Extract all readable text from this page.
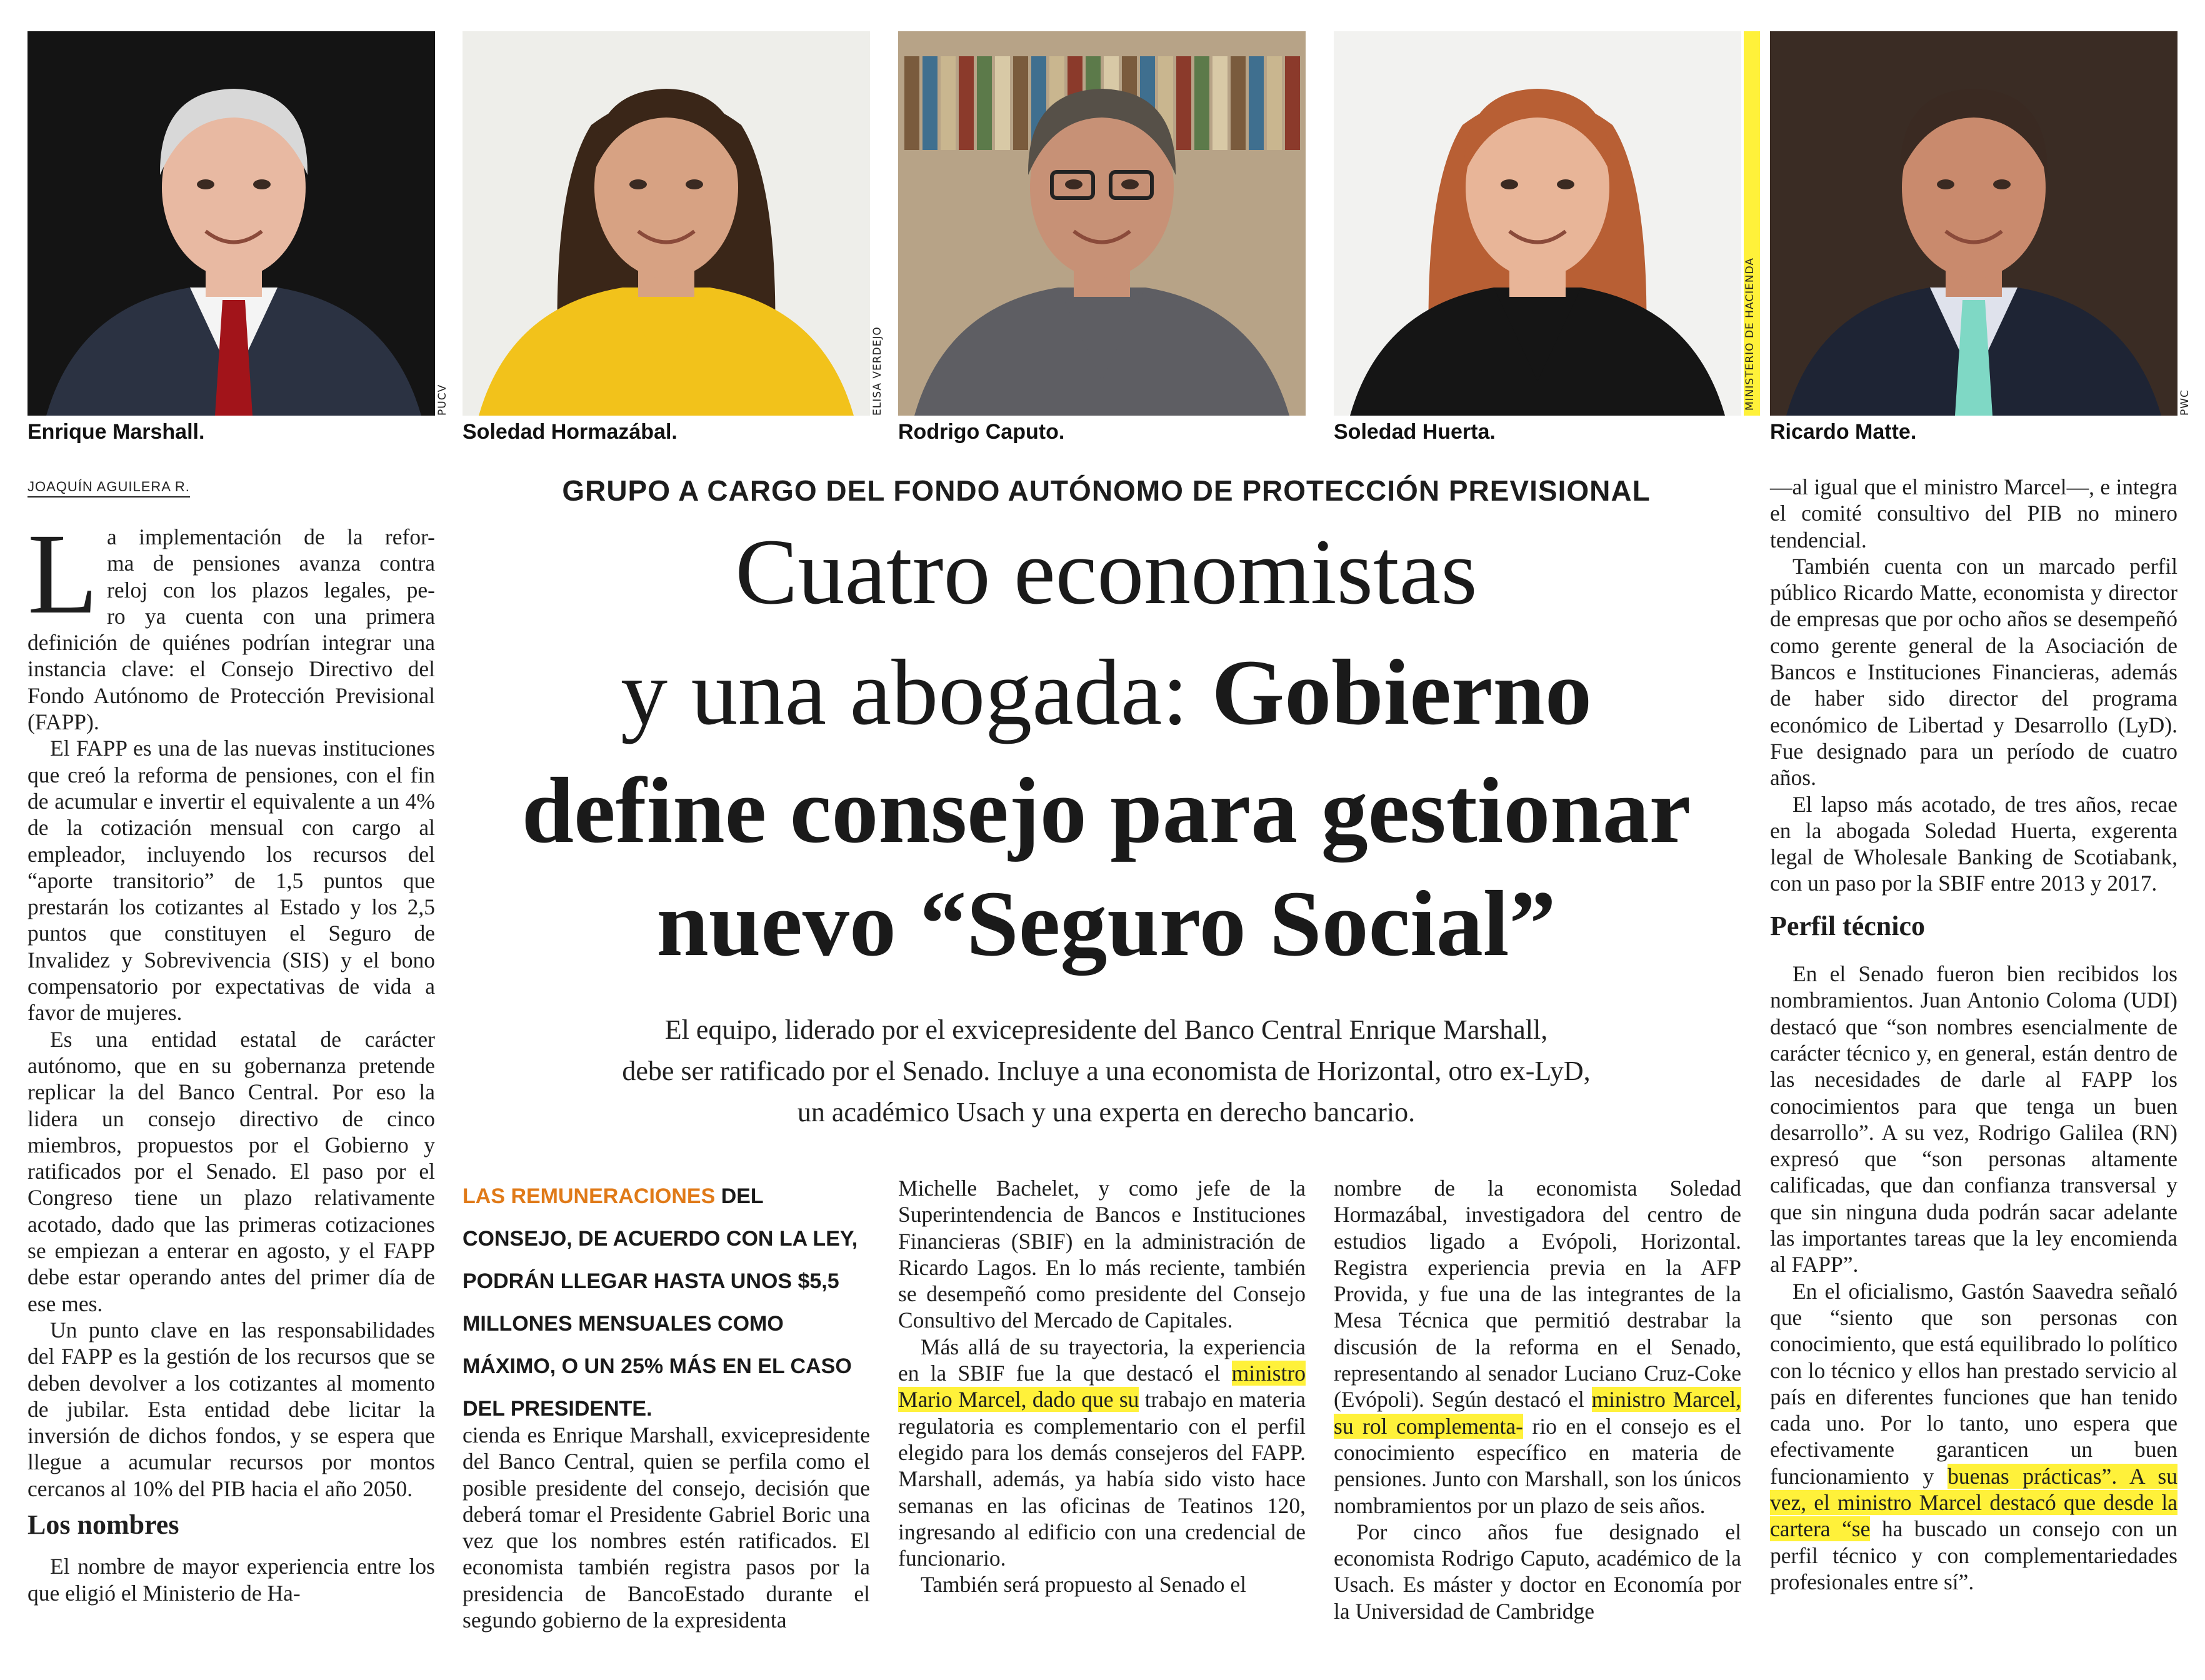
PUCV
Enrique Marshall.
ELISA VERDEJO
Soledad Hormazábal.	Rodrigo Caputo.
MINISTERIO DE HACIENDA
Soledad Huerta.
PWC
Ricardo Matte.
JOAQUÍN AGUILERA R.	GRUPO A CARGO DEL FONDO AUTÓNOMO DE PROTECCIÓN PREVISIONAL
Cuatro economistas
y una abogada: Gobierno
define consejo para gestionar
nuevo “Seguro Social”
El equipo, liderado por el exvicepresidente del Banco Central Enrique Marshall,
debe ser ratificado por el Senado. Incluye a una economista de Horizontal, otro ex-LyD,
un académico Usach y una experta en derecho bancario.
LAS REMUNERACIONES DEL CONSEJO, DE ACUERDO CON LA LEY, PODRÁN LLEGAR HASTA UNOS $5,5 MILLONES MENSUALES COMO MÁXIMO, O UN 25% MÁS EN EL CASO DEL PRESIDENTE.
L a implementación de la refor-
ma de pensiones avanza contra
reloj con los plazos legales, pe-
ro ya cuenta con una primera

definición de quiénes podrían integrar una instancia clave: el Consejo Directivo del Fondo Autónomo de Protección Previsional (FAPP).

El FAPP es una de las nuevas instituciones que creó la reforma de pensiones, con el fin de acumular e invertir el equivalente a un 4% de la cotización mensual con cargo al empleador, incluyendo los recursos del “aporte transitorio” de 1,5 puntos que prestarán los cotizantes al Estado y los 2,5 puntos que constituyen el Seguro de Invalidez y Sobrevivencia (SIS) y el bono compensatorio por expectativas de vida a favor de mujeres.

Es una entidad estatal de carácter autónomo, que en su gobernanza pretende replicar la del Banco Central. Por eso la lidera un consejo directivo de cinco miembros, propuestos por el Gobierno y ratificados por el Senado. El paso por el Congreso tiene un plazo relativamente acotado, dado que las primeras cotizaciones se empiezan a enterar en agosto, y el FAPP debe estar operando antes del primer día de ese mes.

Un punto clave en las responsabilidades del FAPP es la gestión de los recursos que se deben devolver a los cotizantes al momento de jubilar. Esta entidad debe licitar la inversión de dichos fondos, y se espera que llegue a acumular recursos por montos cercanos al 10% del PIB hacia el año 2050.

Los nombres

El nombre de mayor experiencia entre los que eligió el Ministerio de Ha-

cienda es Enrique Marshall, exvicepresidente del Banco Central, quien se perfila como el posible presidente del consejo, decisión que deberá tomar el Presidente Gabriel Boric una vez que los nombres estén ratificados. El economista también registra pasos por la presidencia de BancoEstado durante el segundo gobierno de la expresidenta

Michelle Bachelet, y como jefe de la Superintendencia de Bancos e Instituciones Financieras (SBIF) en la administración de Ricardo Lagos. En lo más reciente, también se desempeñó como presidente del Consejo Consultivo del Mercado de Capitales.

Más allá de su trayectoria, la experiencia en la SBIF fue la que destacó el ministro Mario Marcel, dado que su trabajo en materia regulatoria es complementario con el perfil elegido para los demás consejeros del FAPP. Marshall, además, ya había sido visto hace semanas en las oficinas de Teatinos 120, ingresando al edificio con una credencial de funcionario.

También será propuesto al Senado el

nombre de la economista Soledad Hormazábal, investigadora del centro de estudios ligado a Evópoli, Horizontal. Registra experiencia previa en la AFP Provida, y fue una de las integrantes de la Mesa Técnica que permitió destrabar la discusión de la reforma en el Senado, representando al senador Luciano Cruz-Coke (Evópoli). Según destacó el ministro Marcel, su rol complementa- rio en el consejo es el conocimiento específico en materia de pensiones. Junto con Marshall, son los únicos nombramientos por un plazo de seis años.

Por cinco años fue designado el economista Rodrigo Caputo, académico de la Usach. Es máster y doctor en Economía por la Universidad de Cambridge

—al igual que el ministro Marcel—, e integra el comité consultivo del PIB no minero tendencial.

También cuenta con un marcado perfil público Ricardo Matte, economista y director de empresas que por ocho años se desempeñó como gerente general de la Asociación de Bancos e Instituciones Financieras, además de haber sido director del programa económico de Libertad y Desarrollo (LyD). Fue designado para un período de cuatro años.

El lapso más acotado, de tres años, recae en la abogada Soledad Huerta, exgerenta legal de Wholesale Banking de Scotiabank, con un paso por la SBIF entre 2013 y 2017.

Perfil técnico

En el Senado fueron bien recibidos los nombramientos. Juan Antonio Coloma (UDI) destacó que “son nombres esencialmente de carácter técnico y, en general, están dentro de las necesidades de darle al FAPP los conocimientos para que tenga un buen desarrollo”. A su vez, Rodrigo Galilea (RN) expresó que “son personas altamente calificadas, que dan confianza transversal y que sin ninguna duda podrán sacar adelante las importantes tareas que la ley encomienda al FAPP”.

En el oficialismo, Gastón Saavedra señaló que “siento que son personas con conocimiento, que está equilibrado lo político con lo técnico y ellos han prestado servicio al país en diferentes funciones que han tenido cada uno. Por lo tanto, uno espera que efectivamente garanticen un buen funcionamiento y buenas prácticas”. A su vez, el ministro Marcel destacó que desde la cartera “se ha buscado un consejo con un perfil técnico y con complementariedades profesionales entre sí”.
